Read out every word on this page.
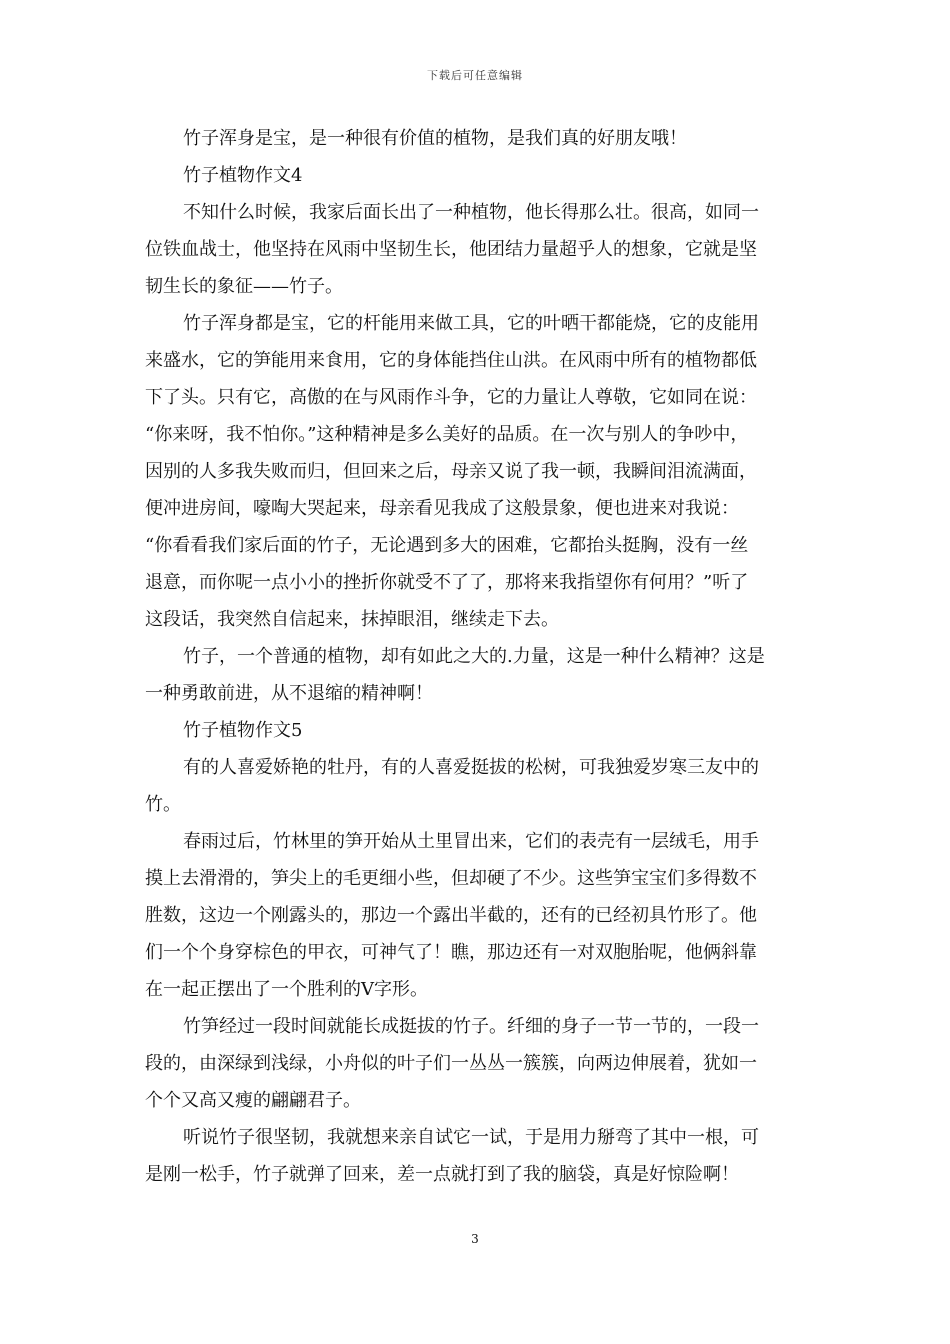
下载后可任意编辑
竹子浑身是宝，是一种很有价值的植物，是我们真的好朋友哦！
竹子植物作文4
不知什么时候，我家后面长出了一种植物，他长得那么壮。很高，如同一
位铁血战士，他坚持在风雨中坚韧生长，他团结力量超乎人的想象，它就是坚
韧生长的象征——竹子。
竹子浑身都是宝，它的杆能用来做工具，它的叶晒干都能烧，它的皮能用
来盛水，它的笋能用来食用，它的身体能挡住山洪。在风雨中所有的植物都低
下了头。只有它，高傲的在与风雨作斗争，它的力量让人尊敬，它如同在说：
“你来呀，我不怕你。”这种精神是多么美好的品质。在一次与别人的争吵中，
因别的人多我失败而归，但回来之后，母亲又说了我一顿，我瞬间泪流满面，
便冲进房间，嚎啕大哭起来，母亲看见我成了这般景象，便也进来对我说：
“你看看我们家后面的竹子，无论遇到多大的困难，它都抬头挺胸，没有一丝
退意，而你呢一点小小的挫折你就受不了了，那将来我指望你有何用？”听了
这段话，我突然自信起来，抹掉眼泪，继续走下去。
竹子，一个普通的植物，却有如此之大的.力量，这是一种什么精神？这是
一种勇敢前进，从不退缩的精神啊！
竹子植物作文5
有的人喜爱娇艳的牡丹，有的人喜爱挺拔的松树，可我独爱岁寒三友中的
竹。
春雨过后，竹林里的笋开始从土里冒出来，它们的表壳有一层绒毛，用手
摸上去滑滑的，笋尖上的毛更细小些，但却硬了不少。这些笋宝宝们多得数不
胜数，这边一个刚露头的，那边一个露出半截的，还有的已经初具竹形了。他
们一个个身穿棕色的甲衣，可神气了！瞧，那边还有一对双胞胎呢，他俩斜靠
在一起正摆出了一个胜利的V字形。
竹笋经过一段时间就能长成挺拔的竹子。纤细的身子一节一节的，一段一
段的，由深绿到浅绿，小舟似的叶子们一丛丛一簇簇，向两边伸展着，犹如一
个个又高又瘦的翩翩君子。
听说竹子很坚韧，我就想来亲自试它一试，于是用力掰弯了其中一根，可
是刚一松手，竹子就弹了回来，差一点就打到了我的脑袋，真是好惊险啊！
3
